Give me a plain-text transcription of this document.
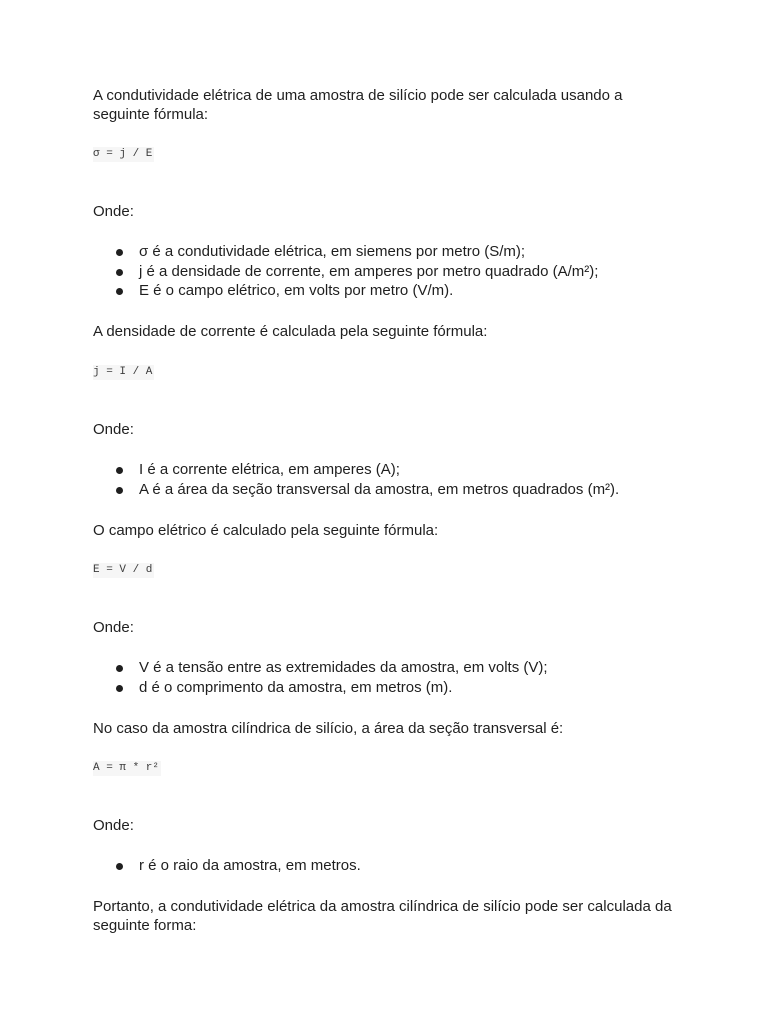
A condutividade elétrica de uma amostra de silício pode ser calculada usando a seguinte fórmula:

σ = j / E

Onde:

σ é a condutividade elétrica, em siemens por metro (S/m);
j é a densidade de corrente, em amperes por metro quadrado (A/m²);
E é o campo elétrico, em volts por metro (V/m).

A densidade de corrente é calculada pela seguinte fórmula:

j = I / A

Onde:

I é a corrente elétrica, em amperes (A);
A é a área da seção transversal da amostra, em metros quadrados (m²).

O campo elétrico é calculado pela seguinte fórmula:

E = V / d

Onde:

V é a tensão entre as extremidades da amostra, em volts (V);
d é o comprimento da amostra, em metros (m).

No caso da amostra cilíndrica de silício, a área da seção transversal é:

A = π * r²

Onde:

r é o raio da amostra, em metros.

Portanto, a condutividade elétrica da amostra cilíndrica de silício pode ser calculada da seguinte forma:
